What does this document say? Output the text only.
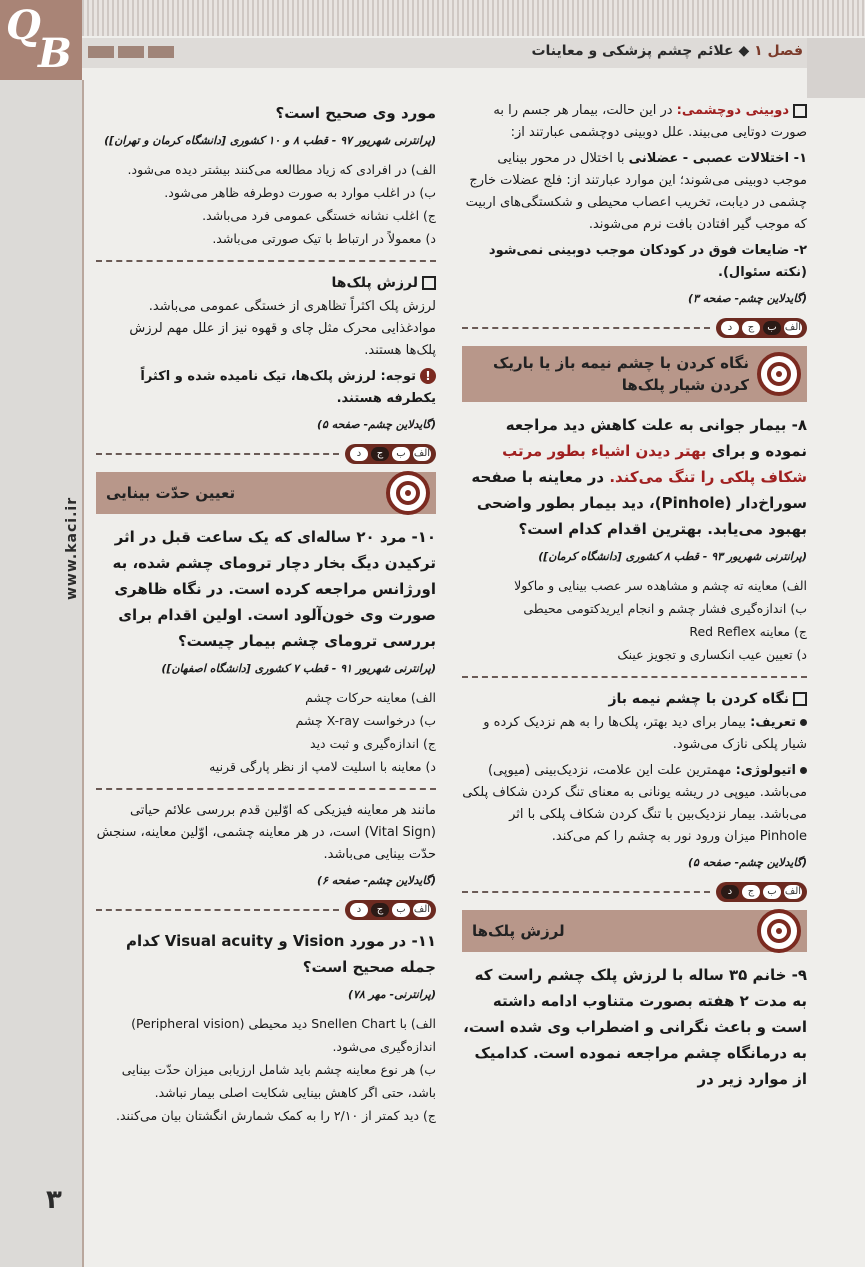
Q
B
www.kaci.ir
۳
فصل ۱ ◆ علائم چشم پزشکی و معاینات

دوبینی دوچشمی: در این حالت، بیمار هر جسم را به صورت دوتایی می‌بیند. علل دوبینی دوچشمی عبارتند از:

۱- اختلالات عصبی - عضلانی با اختلال در محور بینایی موجب دوبینی می‌شوند؛ این موارد عبارتند از: فلج عضلات خارج چشمی در دیابت، تخریب اعصاب محیطی و شکستگی‌های اربیت که موجب گیر افتادن بافت نرم می‌شوند.

۲- ضایعات فوق در کودکان موجب دوبینی نمی‌شود (نکته سئوال).

(گایدلاین چشم- صفحه ۳)
د	ج	ب الف
نگاه کردن با چشم نیمه باز یا باریک کردن شیار پلک‌ها

۸- بیمار جوانی به علت کاهش دید مراجعه نموده و برای بهتر دیدن اشیاء بطور مرتب شکاف پلکی را تنگ می‌کند. در معاینه با صفحه سوراخ‌دار (Pinhole)، دید بیمار بطور واضحی بهبود می‌یابد. بهترین اقدام کدام است؟

(پرانترنی شهریور ۹۳ - قطب ۸ کشوری [دانشگاه کرمان])

الف) معاینه ته چشم و مشاهده سر عصب بینایی و ماکولا

ب) اندازه‌گیری فشار چشم و انجام ایریدکتومی محیطی

ج) معاینه Red Reflex

د) تعیین عیب انکساری و تجویز عینک

نگاه کردن با چشم نیمه باز

تعریف: بیمار برای دید بهتر، پلک‌ها را به هم نزدیک کرده و شیار پلکی نازک می‌شود.

اتیولوژی: مهمترین علت این علامت، نزدیک‌بینی (میوپی) می‌باشد. میوپی در ریشه یونانی به معنای تنگ کردن شکاف پلکی می‌باشد. بیمار نزدیک‌بین با تنگ کردن شکاف پلکی با اثر Pinhole میزان ورود نور به چشم را کم می‌کند.

(گایدلاین چشم- صفحه ۵)
د	ج	ب الف
لرزش پلک‌ها

۹- خانم ۳۵ ساله با لرزش پلک چشم راست که به مدت ۲ هفته بصورت متناوب ادامه داشته است و باعث نگرانی و اضطراب وی شده است، به درمانگاه چشم مراجعه نموده است. کدامیک از موارد زیر در

مورد وی صحیح است؟

(پرانترنی شهریور ۹۷ - قطب ۸ و ۱۰ کشوری [دانشگاه کرمان و تهران])

الف) در افرادی که زیاد مطالعه می‌کنند بیشتر دیده می‌شود.

ب) در اغلب موارد به صورت دوطرفه ظاهر می‌شود.

ج) اغلب نشانه خستگی عمومی فرد می‌باشد.

د) معمولاً در ارتباط با تیک صورتی می‌باشد.

لرزش پلک‌ها

لرزش پلک اکثراً تظاهری از خستگی عمومی می‌باشد. موادغذایی محرک مثل چای و قهوه نیز از علل مهم لرزش پلک‌ها هستند.

!توجه: لرزش پلک‌ها، تیک نامیده شده و اکثراً یکطرفه هستند.

(گایدلاین چشم- صفحه ۵)
د	ج	ب الف
تعیین حدّت بینایی

۱۰- مرد ۲۰ ساله‌ای که یک ساعت قبل در اثر ترکیدن دیگ بخار دچار ترومای چشم شده، به اورژانس مراجعه کرده است. در نگاه ظاهری صورت وی خون‌آلود است. اولین اقدام برای بررسی ترومای چشم بیمار چیست؟

(پرانترنی شهریور ۹۱ - قطب ۷ کشوری [دانشگاه اصفهان])

الف) معاینه حرکات چشم

ب) درخواست X-ray چشم

ج) اندازه‌گیری و ثبت دید

د) معاینه با اسلیت لامپ از نظر پارگی قرنیه

مانند هر معاینه فیزیکی که اوّلین قدم بررسی علائم حیاتی (Vital Sign) است، در هر معاینه چشمی، اوّلین معاینه، سنجش حدّت بینایی می‌باشد.

(گایدلاین چشم- صفحه ۶)
د	ج	ب الف

۱۱- در مورد Vision و Visual acuity کدام جمله صحیح است؟

(پرانترنی- مهر ۷۸)

الف) با Snellen Chart دید محیطی (Peripheral vision) اندازه‌گیری می‌شود.

ب) هر نوع معاینه چشم باید شامل ارزیابی میزان حدّت بینایی باشد، حتی اگر کاهش بینایی شکایت اصلی بیمار نباشد.

ج) دید کمتر از ۲/۱۰ را به کمک شمارش انگشتان بیان می‌کنند.
